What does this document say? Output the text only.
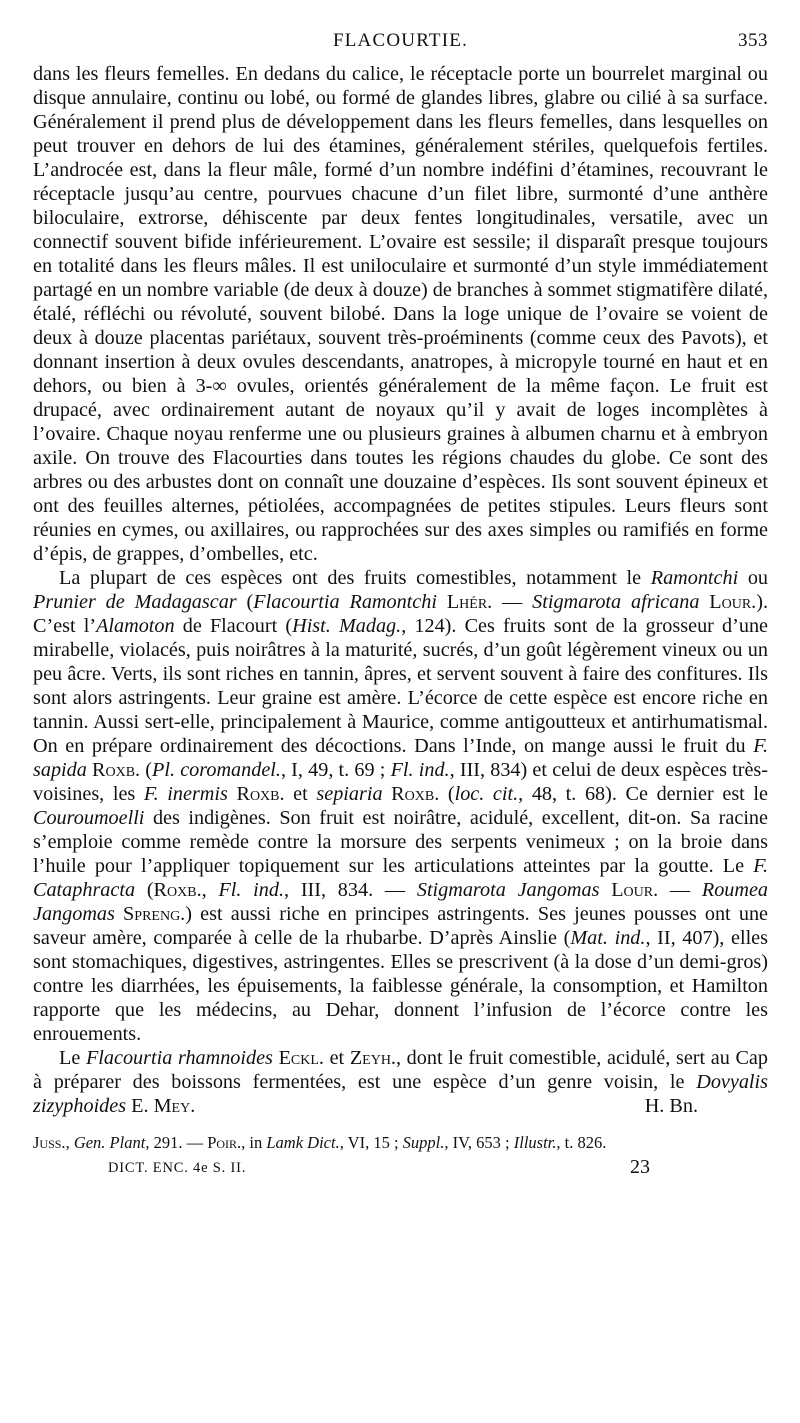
FLACOURTIE.	353

dans les fleurs femelles. En dedans du calice, le réceptacle porte un bourrelet marginal ou disque annulaire, continu ou lobé, ou formé de glandes libres, glabre ou cilié à sa surface. Généralement il prend plus de développement dans les fleurs femelles, dans lesquelles on peut trouver en dehors de lui des étamines, généralement stériles, quelquefois fertiles. L’androcée est, dans la fleur mâle, formé d’un nombre indéfini d’étamines, recouvrant le réceptacle jusqu’au centre, pourvues chacune d’un filet libre, surmonté d’une anthère biloculaire, extrorse, déhiscente par deux fentes longitudinales, versatile, avec un connectif souvent bifide inférieurement. L’ovaire est sessile; il disparaît presque toujours en totalité dans les fleurs mâles. Il est uniloculaire et surmonté d’un style immédiatement partagé en un nombre variable (de deux à douze) de branches à sommet stigmatifère dilaté, étalé, réfléchi ou révoluté, souvent bilobé. Dans la loge unique de l’ovaire se voient de deux à douze placentas pariétaux, souvent très-proéminents (comme ceux des Pavots), et donnant insertion à deux ovules descendants, anatropes, à micropyle tourné en haut et en dehors, ou bien à 3-∞ ovules, orientés généralement de la même façon. Le fruit est drupacé, avec ordinairement autant de noyaux qu’il y avait de loges incomplètes à l’ovaire. Chaque noyau renferme une ou plusieurs graines à albumen charnu et à embryon axile. On trouve des Flacourties dans toutes les régions chaudes du globe. Ce sont des arbres ou des arbustes dont on connaît une douzaine d’espèces. Ils sont souvent épineux et ont des feuilles alternes, pétiolées, accompagnées de petites stipules. Leurs fleurs sont réunies en cymes, ou axillaires, ou rapprochées sur des axes simples ou ramifiés en forme d’épis, de grappes, d’ombelles, etc.

La plupart de ces espèces ont des fruits comestibles, notamment le Ramontchi ou Prunier de Madagascar (Flacourtia Ramontchi Lhér. — Stigmarota africana Lour.). C’est l’Alamoton de Flacourt (Hist. Madag., 124). Ces fruits sont de la grosseur d’une mirabelle, violacés, puis noirâtres à la maturité, sucrés, d’un goût légèrement vineux ou un peu âcre. Verts, ils sont riches en tannin, âpres, et servent souvent à faire des confitures. Ils sont alors astringents. Leur graine est amère. L’écorce de cette espèce est encore riche en tannin. Aussi sert-elle, principalement à Maurice, comme antigoutteux et antirhumatismal. On en prépare ordinairement des décoctions. Dans l’Inde, on mange aussi le fruit du F. sapida Roxb. (Pl. coromandel., I, 49, t. 69 ; Fl. ind., III, 834) et celui de deux espèces très-voisines, les F. inermis Roxb. et sepiaria Roxb. (loc. cit., 48, t. 68). Ce dernier est le Couroumoelli des indigènes. Son fruit est noirâtre, acidulé, excellent, dit-on. Sa racine s’emploie comme remède contre la morsure des serpents venimeux ; on la broie dans l’huile pour l’appliquer topiquement sur les articulations atteintes par la goutte. Le F. Cataphracta (Roxb., Fl. ind., III, 834. — Stigmarota Jangomas Lour. — Roumea Jangomas Spreng.) est aussi riche en principes astringents. Ses jeunes pousses ont une saveur amère, comparée à celle de la rhubarbe. D’après Ainslie (Mat. ind., II, 407), elles sont stomachiques, digestives, astringentes. Elles se prescrivent (à la dose d’un demi-gros) contre les diarrhées, les épuisements, la faiblesse générale, la consomption, et Hamilton rapporte que les médecins, au Dehar, donnent l’infusion de l’écorce contre les enrouements.

Le Flacourtia rhamnoides Eckl. et Zeyh., dont le fruit comestible, acidulé, sert au Cap à préparer des boissons fermentées, est une espèce d’un genre voisin, le Dovyalis zizyphoides E. Mey.	H. Bn.
Juss., Gen. Plant, 291. — Poir., in Lamk Dict., VI, 15 ; Suppl., IV, 653 ; Illustr., t. 826.
DICT. ENC. 4e S. II.	23
